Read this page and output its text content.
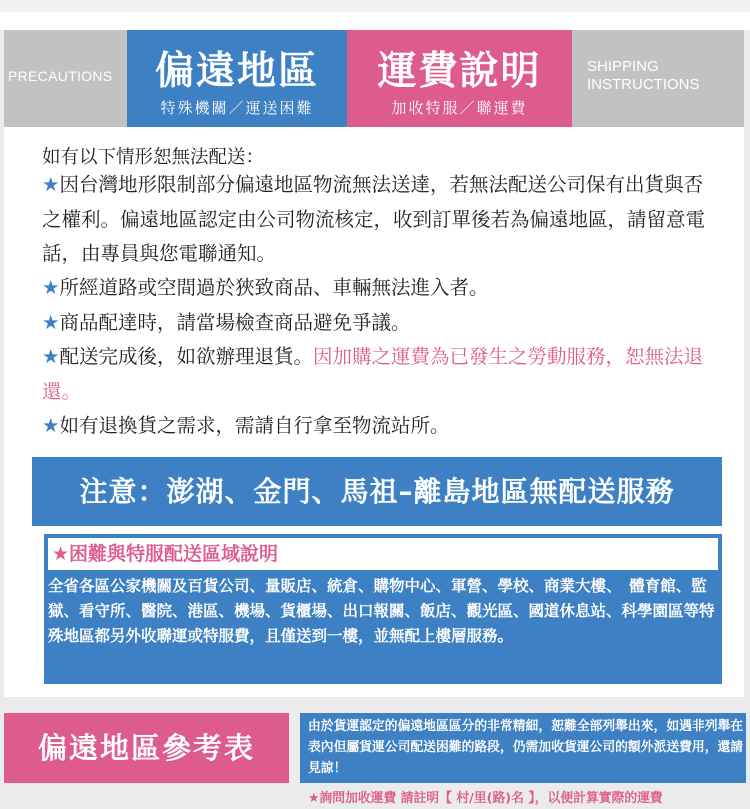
PRECAUTIONS	偏遠地區
特殊機關／運送困難
運費說明
加收特服／聯運費
SHIPPING
INSTRUCTIONS
如有以下情形恕無法配送：
★因台灣地形限制部分偏遠地區物流無法送達，若無法配送公司保有出貨與否之權利。偏遠地區認定由公司物流核定，收到訂單後若為偏遠地區，請留意電話，由專員與您電聯通知。
★所經道路或空間過於狹致商品、車輛無法進入者。
★商品配達時，請當場檢查商品避免爭議。
★配送完成後，如欲辦理退貨。因加購之運費為已發生之勞動服務，恕無法退還。
★如有退換貨之需求，需請自行拿至物流站所。
注意：澎湖、金門、馬祖–離島地區無配送服務
★困難與特服配送區域說明
全省各區公家機關及百貨公司、量販店、統倉、購物中心、軍營、學校、商業大樓、　體育館、監獄、看守所、醫院、港區、機場、貨櫃場、出口報關、飯店、觀光區、國道休息站、科學園區等特殊地區都另外收聯運或特服費，且僅送到一樓，並無配上樓層服務。
偏遠地區參考表
由於貨運認定的偏遠地區區分的非常精細，恕難全部列舉出來，如遇非列舉在表內但屬貨運公司配送困難的路段，仍需加收貨運公司的額外派送費用，還請見諒！
★詢問加收運費 請註明【 村/里(路)名 】，以便計算實際的運費
